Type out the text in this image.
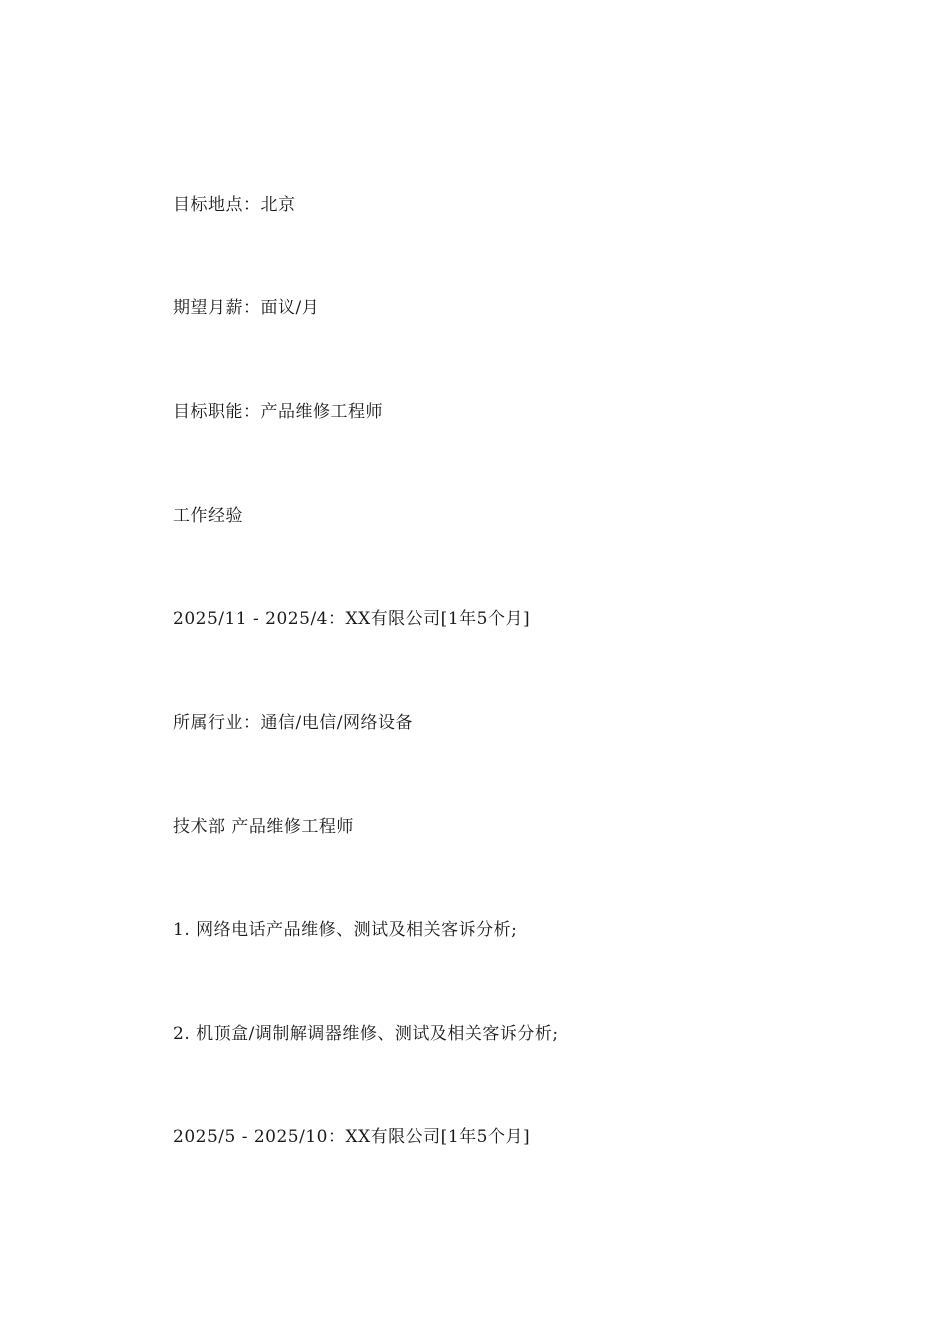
目标地点：北京
期望月薪：面议/月
目标职能：产品维修工程师
工作经验
2025/11 - 2025/4：XX有限公司[1年5个月]
所属行业：通信/电信/网络设备
技术部 产品维修工程师
1. 网络电话产品维修、测试及相关客诉分析;
2. 机顶盒/调制解调器维修、测试及相关客诉分析;
2025/5 - 2025/10：XX有限公司[1年5个月]
